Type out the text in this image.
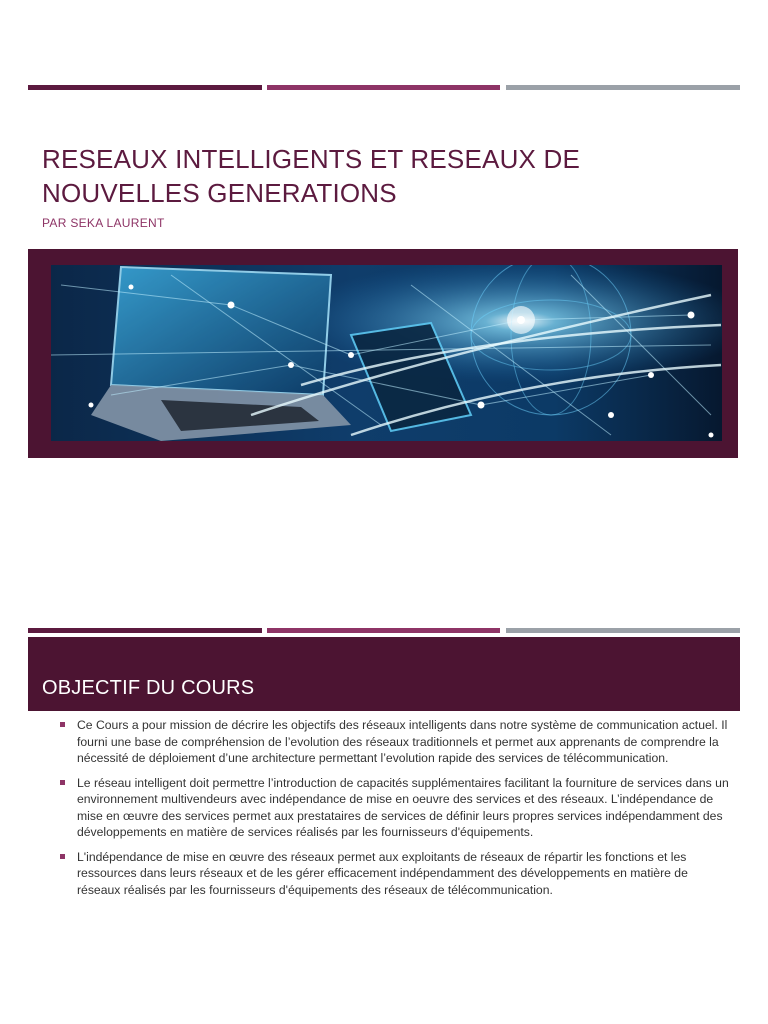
RESEAUX INTELLIGENTS ET RESEAUX DE NOUVELLES GENERATIONS
PAR SEKA LAURENT
OBJECTIF DU COURS
Ce Cours a pour mission de décrire les objectifs des réseaux intelligents dans notre système de communication actuel. Il fourni une base de compréhension de l’evolution des réseaux traditionnels et permet aux apprenants de comprendre la nécessité de déploiement d’une architecture permettant l’evolution rapide des services de télécommunication.
Le réseau intelligent doit permettre l’introduction de capacités supplémentaires facilitant la fourniture de services dans un environnement multivendeurs avec indépendance de mise en oeuvre des services et des réseaux. L’indépendance de mise en œuvre des services permet aux prestataires de services de définir leurs propres services indépendamment des développements en matière de services réalisés par les fournisseurs d'équipements.
L'indépendance de mise en œuvre des réseaux permet aux exploitants de réseaux de répartir les fonctions et les ressources dans leurs réseaux et de les gérer efficacement indépendamment des développements en matière de réseaux réalisés par les fournisseurs d'équipements des réseaux de télécommunication.
